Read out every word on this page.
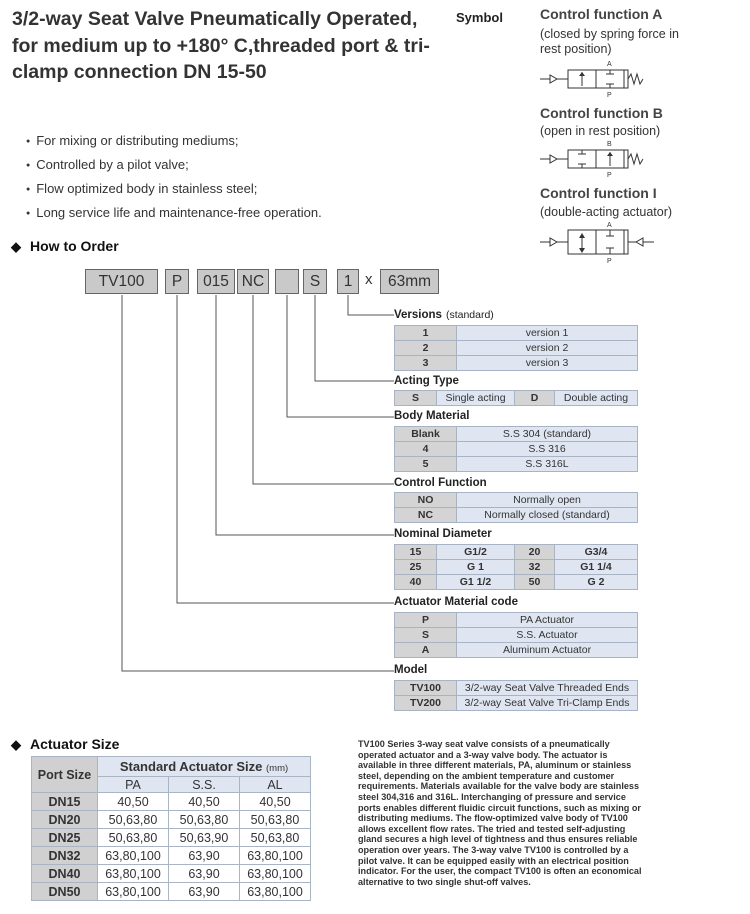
3/2-way Seat Valve Pneumatically Operated, for medium up to +180° C,threaded port & tri-clamp connection DN 15-50
Symbol	Control function A
(closed by spring force in rest position)
A
P
Control function B
(open in rest position)
B
P
Control function I
(double-acting actuator)
A
P
● For mixing or distributing mediums;
● Controlled by a pilot valve;
● Flow optimized body in stainless steel;
● Long service life and maintenance-free operation.
◆ How to Order
TV100	P	015 NC	S	1 x 63mm
Versions (standard)
1	version 1
2	version 2
3	version 3
Acting Type
S	Single acting	D	Double acting
Body Material
Blank	S.S 304 (standard)
4	S.S 316
5	S.S 316L
Control Function
NO	Normally open
NC	Normally closed (standard)
Nominal Diameter
15	G1/2	20	G3/4
25	G 1	32	G1 1/4
40	G1 1/2	50	G 2
Actuator Material code
P	PA Actuator
S	S.S. Actuator
A	Aluminum Actuator
Model
TV100	3/2-way Seat Valve Threaded Ends
TV200	3/2-way Seat Valve Tri-Clamp Ends
◆ Actuator Size
Port Size	Standard Actuator Size (mm)		
	PA	S.S.	AL
DN15	40,50	40,50	40,50
DN20	50,63,80	50,63,80	50,63,80
DN25	50,63,80	50,63,90	50,63,80
DN32	63,80,100	63,90	63,80,100
DN40	63,80,100	63,90	63,80,100
DN50	63,80,100	63,90	63,80,100
TV100 Series 3-way seat valve consists of a pneumatically operated actuator and a 3-way valve body. The actuator is available in three different materials, PA, aluminum or stainless steel, depending on the ambient temperature and customer requirements. Materials available for the valve body are stainless steel 304,316 and 316L. Interchanging of pressure and service ports enables different fluidic circuit functions, such as mixing or distributing mediums. The flow-optimized valve body of TV100 allows excellent flow rates. The tried and tested self-adjusting gland secures a high level of tightness and thus ensures reliable operation over years. The 3-way valve TV100 is controlled by a pilot valve. It can be equipped easily with an electrical position indicator. For the user, the compact TV100 is often an economical alternative to two single shut-off valves.
